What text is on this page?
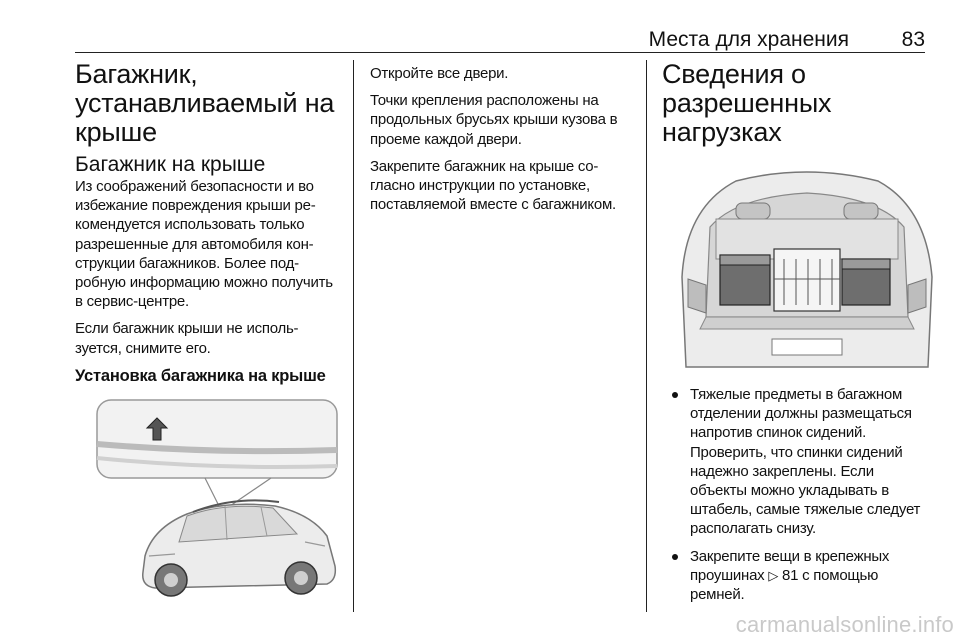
Места для хранения	83
Багажник, устанавливаемый на крыше
Багажник на крыше

Из соображений безопасности и во избежание повреждения крыши рекомендуется использовать только разрешенные для автомобиля конструкции багажников. Более подробную информацию можно получить в сервис-центре.

Если багажник крыши не используется, снимите его.

Установка багажника на крыше

Откройте все двери.

Точки крепления расположены на продольных брусьях крыши кузова в проеме каждой двери.

Закрепите багажник на крыше согласно инструкции по установке, поставляемой вместе с багажником.

Сведения о разрешенных нагрузках
Тяжелые предметы в багажном отделении должны размещаться напротив спинок сидений. Проверить, что спинки сидений надежно закреплены. Если объекты можно укладывать в штабель, самые тяжелые следует располагать снизу.
Закрепите вещи в крепежных проушинах ▷ 81 с помощью ремней.
carmanualsonline.info
